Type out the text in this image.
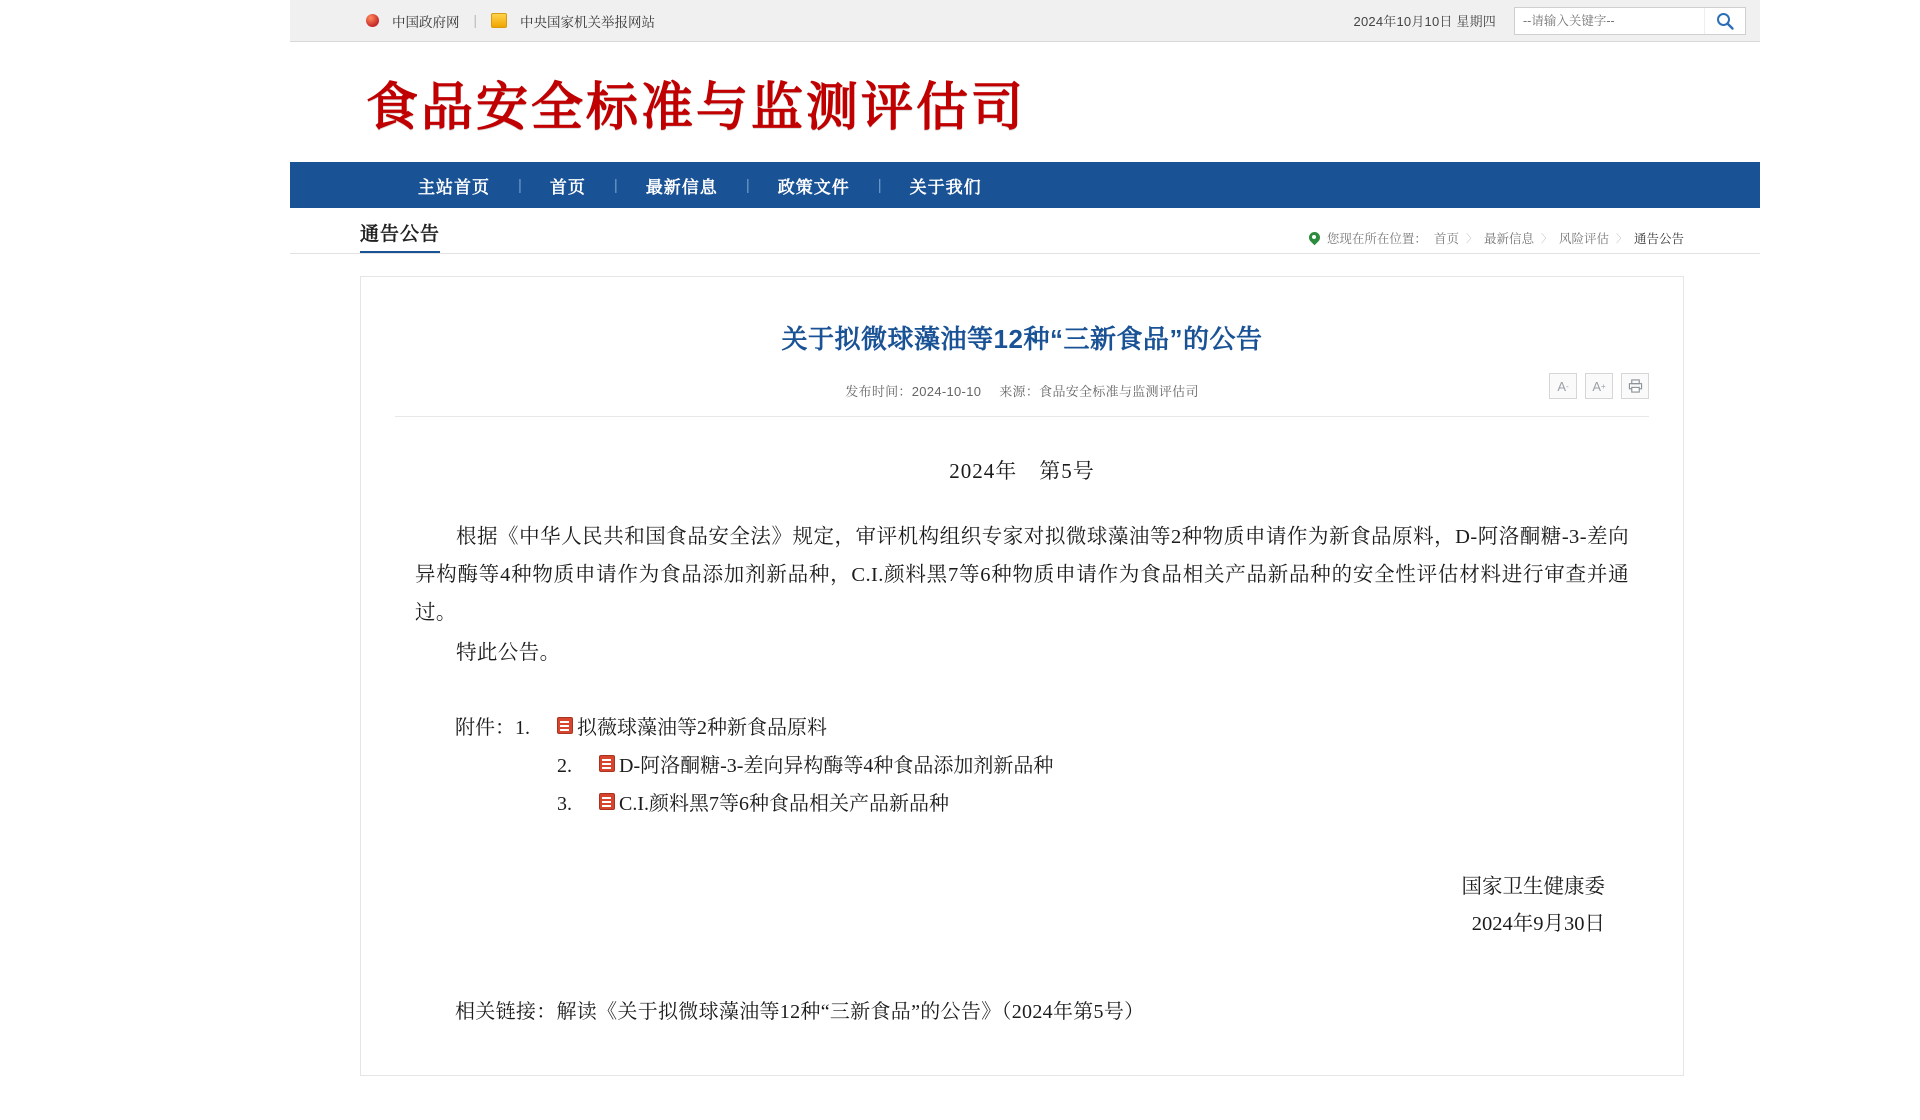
中国政府网 |	中央国家机关举报网站	2024年10月10日 星期四
--请输入关键字--
食品安全标准与监测评估司
主站首页	|	首页	|	最新信息	|	政策文件	|	关于我们
通告公告	您现在所在位置： 首页 〉 最新信息 〉 风险评估 〉 通告公告
关于拟微球藻油等12种“三新食品”的公告
发布时间：2024-10-10 来源：食品安全标准与监测评估司	A - A +
2024年　第5号

根据《中华人民共和国食品安全法》规定，审评机构组织专家对拟微球藻油等2种物质申请作为新食品原料，D-阿洛酮糖-3-差向异构酶等4种物质申请作为食品添加剂新品种，C.I.颜料黑7等6种物质申请作为食品相关产品新品种的安全性评估材料进行审查并通过。

特此公告。

附件： 1.	拟薇球藻油等2种新食品原料
2.	D-阿洛酮糖-3-差向异构酶等4种食品添加剂新品种
3.	C.I.颜料黑7等6种食品相关产品新品种
国家卫生健康委
2024年9月30日
相关链接：解读《关于拟微球藻油等12种“三新食品”的公告》（2024年第5号）
